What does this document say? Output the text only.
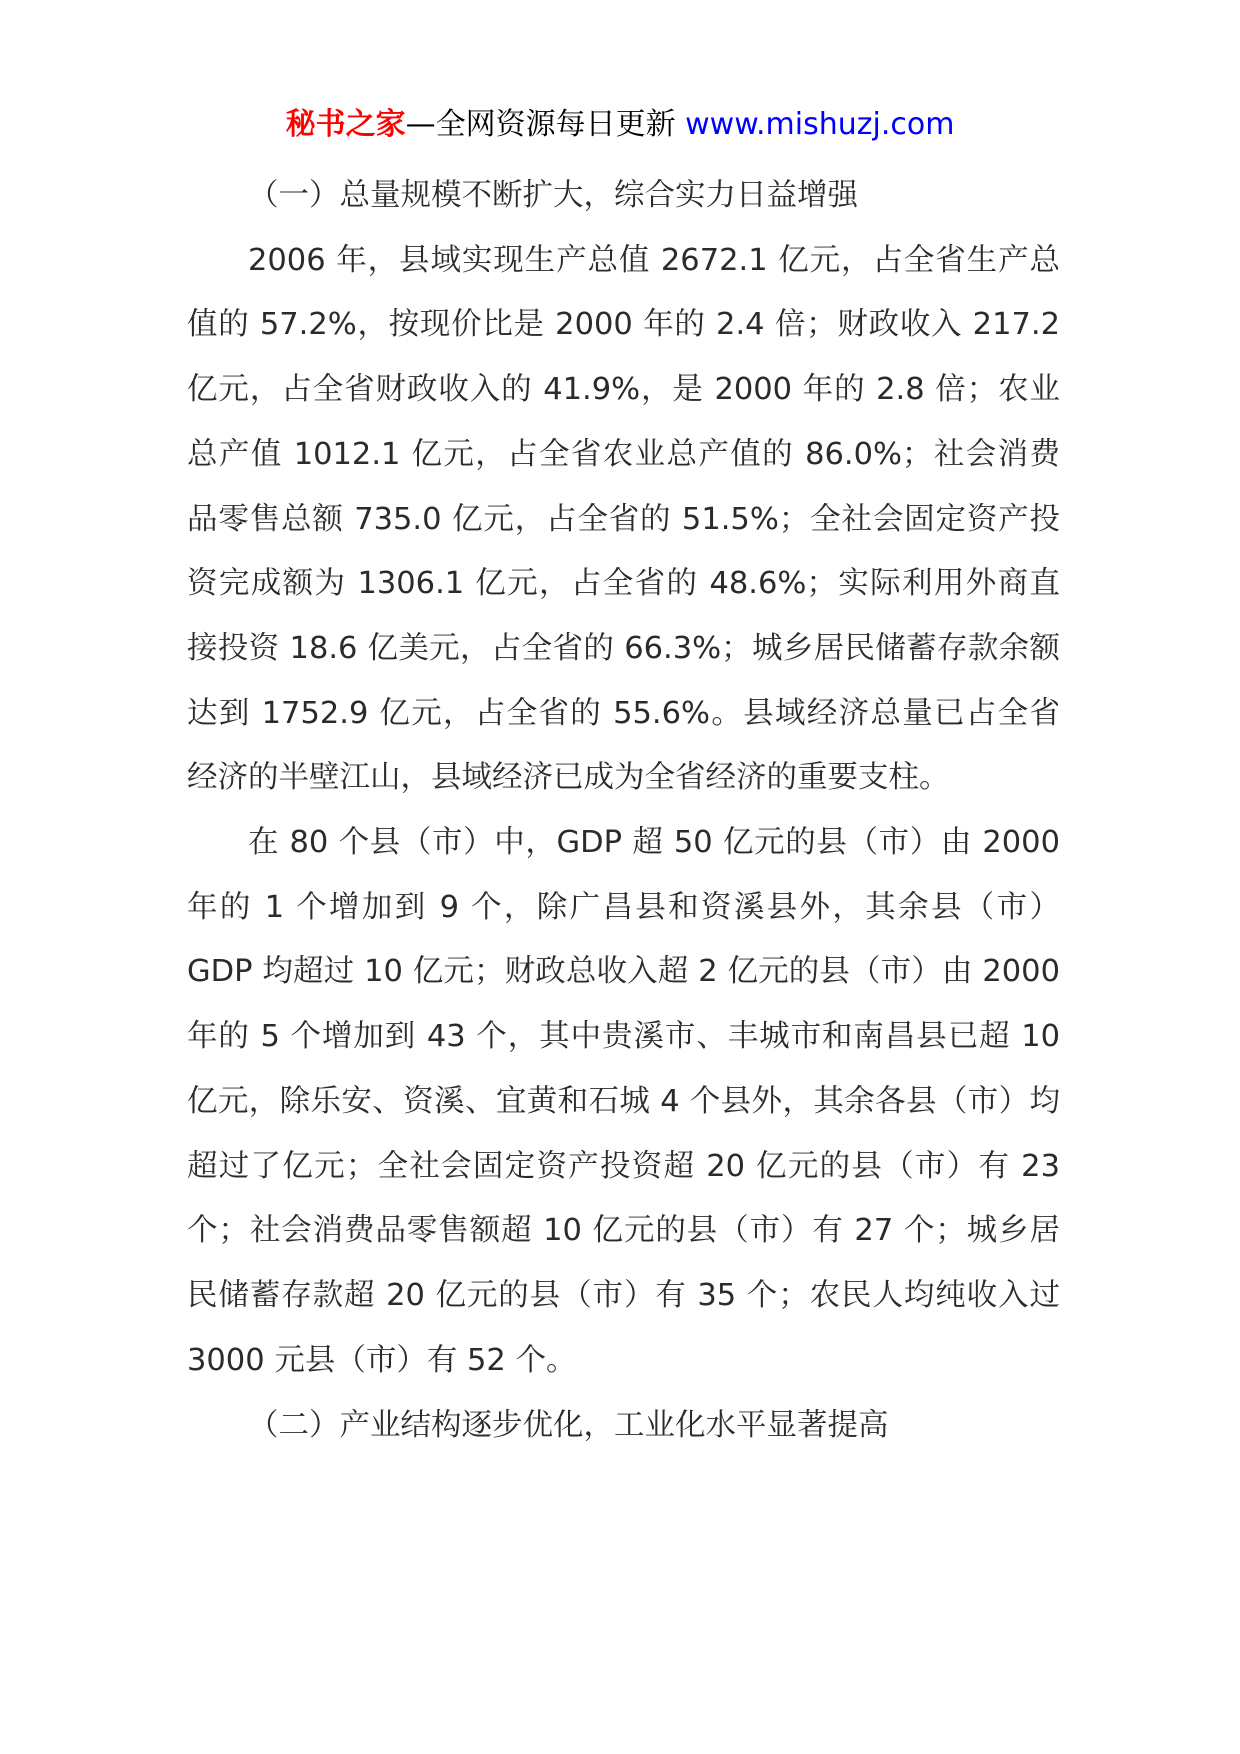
秘书之家—全网资源每日更新 www.mishuzj.com

（一）总量规模不断扩大，综合实力日益增强

2006 年，县域实现生产总值 2672.1 亿元，占全省生产总值的 57.2%，按现价比是 2000 年的 2.4 倍；财政收入 217.2 亿元，占全省财政收入的 41.9%，是 2000 年的 2.8 倍；农业总产值 1012.1 亿元，占全省农业总产值的 86.0%；社会消费品零售总额 735.0 亿元，占全省的 51.5%；全社会固定资产投资完成额为 1306.1 亿元，占全省的 48.6%；实际利用外商直接投资 18.6 亿美元，占全省的 66.3%；城乡居民储蓄存款余额达到 1752.9 亿元，占全省的 55.6%。县域经济总量已占全省经济的半壁江山，县域经济已成为全省经济的重要支柱。

在 80 个县（市）中，GDP 超 50 亿元的县（市）由 2000 年的 1 个增加到 9 个，除广昌县和资溪县外，其余县（市）GDP 均超过 10 亿元；财政总收入超 2 亿元的县（市）由 2000 年的 5 个增加到 43 个，其中贵溪市、丰城市和南昌县已超 10 亿元，除乐安、资溪、宜黄和石城 4 个县外，其余各县（市）均超过了亿元；全社会固定资产投资超 20 亿元的县（市）有 23 个；社会消费品零售额超 10 亿元的县（市）有 27 个；城乡居民储蓄存款超 20 亿元的县（市）有 35 个；农民人均纯收入过 3000 元县（市）有 52 个。

（二）产业结构逐步优化，工业化水平显著提高
